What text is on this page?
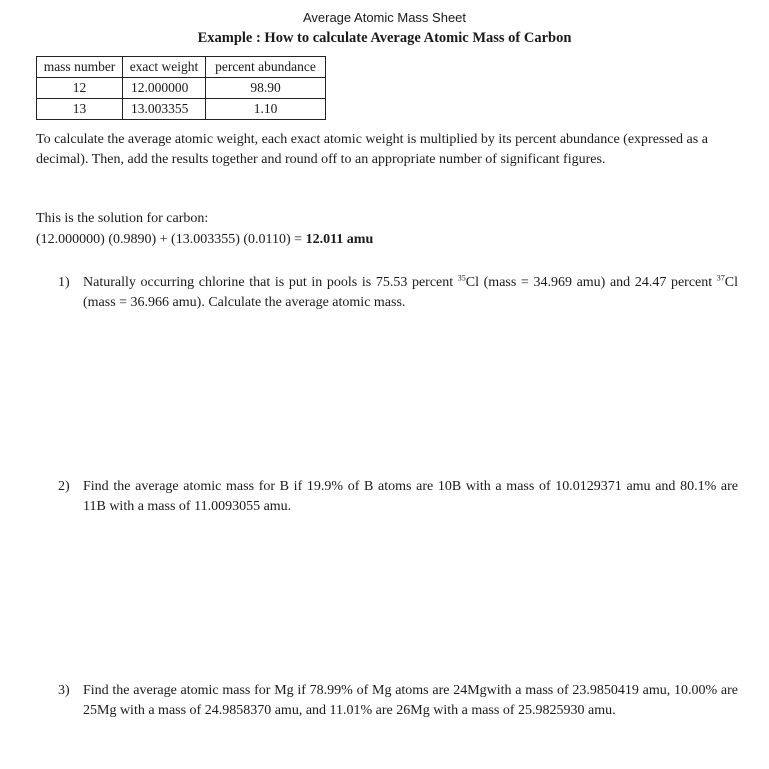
Average Atomic Mass Sheet
Example : How to calculate Average Atomic Mass of Carbon
mass number	exact weight	percent abundance
12	12.000000	98.90
13	13.003355	1.10

To calculate the average atomic weight, each exact atomic weight is multiplied by its percent abundance (expressed as a decimal). Then, add the results together and round off to an appropriate number of significant figures.

This is the solution for carbon:

(12.000000) (0.9890) + (13.003355) (0.0110) = 12.011 amu

1) Naturally occurring chlorine that is put in pools is 75.53 percent $^{35}$Cl (mass = 34.969 amu) and 24.47 percent $^{37}$Cl (mass = 36.966 amu). Calculate the average atomic mass.
2) Find the average atomic mass for B if 19.9% of B atoms are 10B with a mass of 10.0129371 amu and 80.1% are 11B with a mass of 11.0093055 amu.
3) Find the average atomic mass for Mg if 78.99% of Mg atoms are 24Mgwith a mass of 23.9850419 amu, 10.00% are 25Mg with a mass of 24.9858370 amu, and 11.01% are 26Mg with a mass of 25.9825930 amu.
